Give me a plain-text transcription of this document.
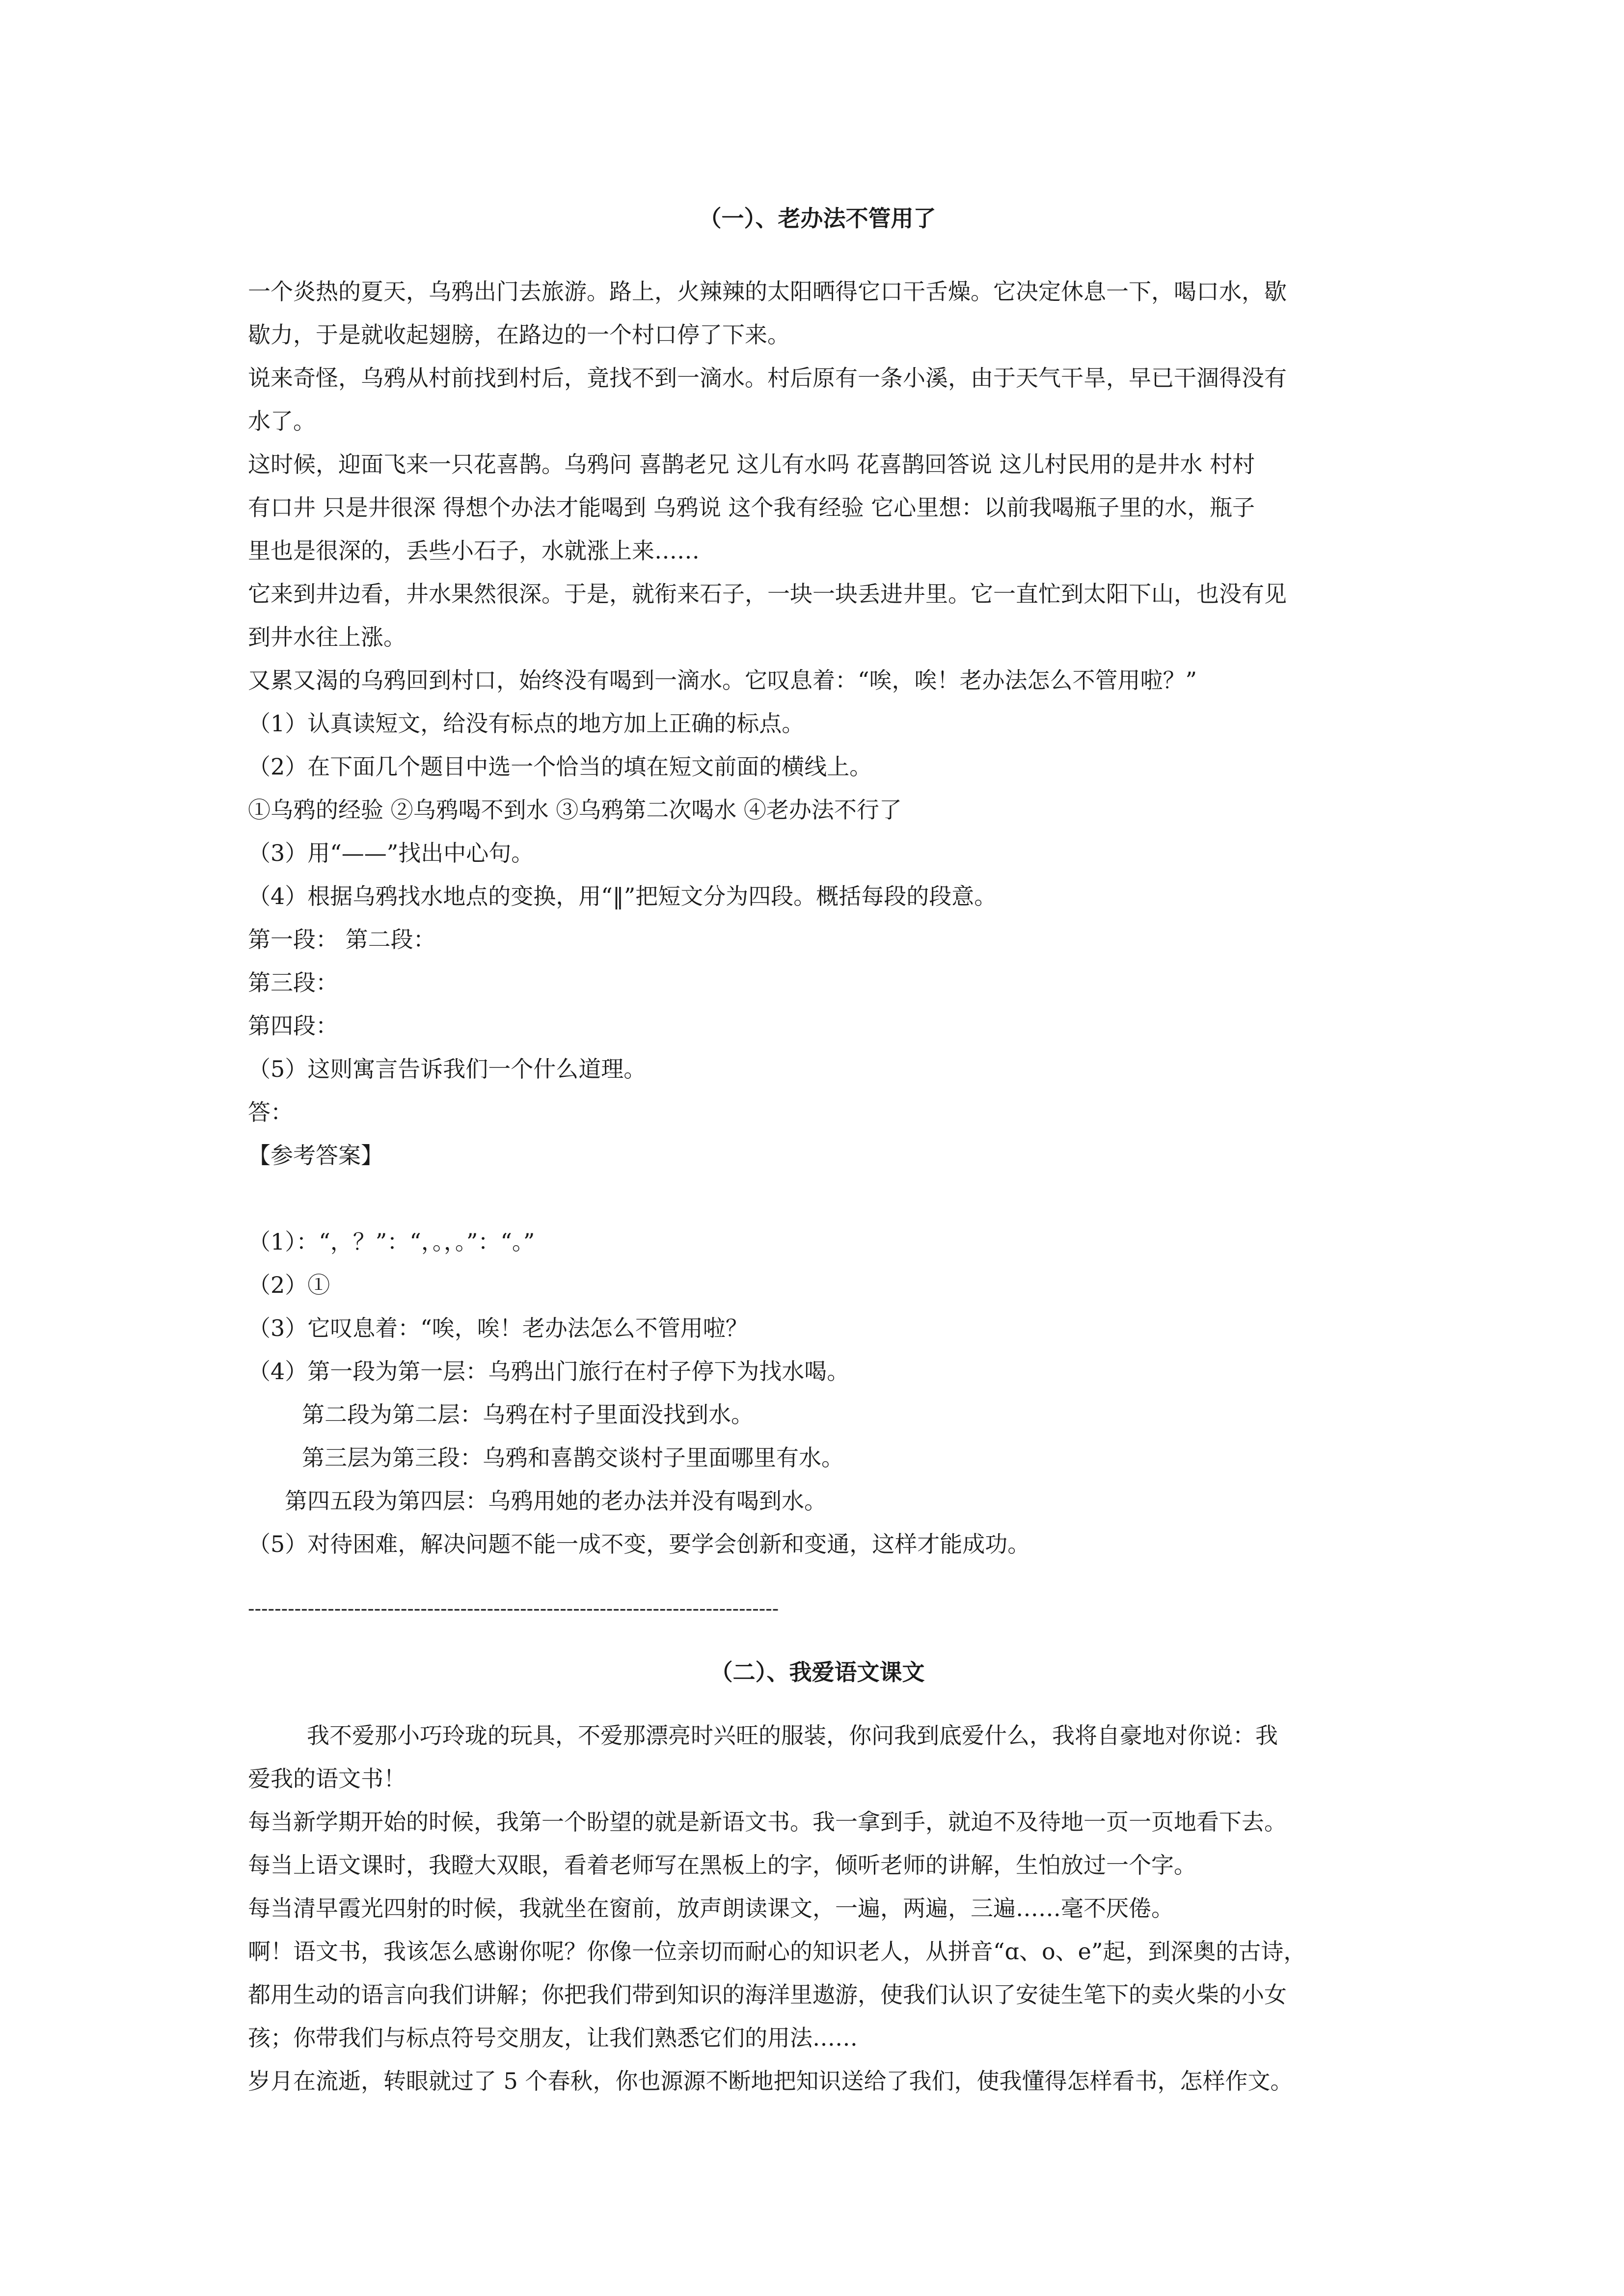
（一）、老办法不管用了

一个炎热的夏天，乌鸦出门去旅游。路上，火辣辣的太阳晒得它口干舌燥。它决定休息一下，喝口水，歇

歇力，于是就收起翅膀，在路边的一个村口停了下来。

说来奇怪，乌鸦从村前找到村后，竟找不到一滴水。村后原有一条小溪，由于天气干旱，早已干涸得没有

水了。

这时候，迎面飞来一只花喜鹊。乌鸦问 喜鹊老兄 这儿有水吗 花喜鹊回答说 这儿村民用的是井水 村村

有口井 只是井很深 得想个办法才能喝到 乌鸦说 这个我有经验 它心里想：以前我喝瓶子里的水，瓶子

里也是很深的，丢些小石子，水就涨上来……

它来到井边看，井水果然很深。于是，就衔来石子，一块一块丢进井里。它一直忙到太阳下山，也没有见

到井水往上涨。

又累又渴的乌鸦回到村口，始终没有喝到一滴水。它叹息着：“唉，唉！老办法怎么不管用啦？”

（1）认真读短文，给没有标点的地方加上正确的标点。

（2）在下面几个题目中选一个恰当的填在短文前面的横线上。

①乌鸦的经验 ②乌鸦喝不到水 ③乌鸦第二次喝水 ④老办法不行了

（3）用“——”找出中心句。

（4）根据乌鸦找水地点的变换，用“‖”把短文分为四段。概括每段的段意。

第一段： 第二段：

第三段：

第四段：

（5）这则寓言告诉我们一个什么道理。

答：

【参考答案】

（1）：“，？”：“，。，。”：“。”

（2）①

（3）它叹息着：“唉，唉！老办法怎么不管用啦？

（4）第一段为第一层：乌鸦出门旅行在村子停下为找水喝。

第二段为第二层：乌鸦在村子里面没找到水。

第三层为第三段：乌鸦和喜鹊交谈村子里面哪里有水。

第四五段为第四层：乌鸦用她的老办法并没有喝到水。

（5）对待困难，解决问题不能一成不变，要学会创新和变通，这样才能成功。

--------------------------------------------------------------------------------

（二）、我爱语文课文

我不爱那小巧玲珑的玩具，不爱那漂亮时兴旺的服装，你问我到底爱什么，我将自豪地对你说：我

爱我的语文书！

每当新学期开始的时候，我第一个盼望的就是新语文书。我一拿到手，就迫不及待地一页一页地看下去。

每当上语文课时，我瞪大双眼，看着老师写在黑板上的字，倾听老师的讲解，生怕放过一个字。

每当清早霞光四射的时候，我就坐在窗前，放声朗读课文，一遍，两遍，三遍……毫不厌倦。

啊！语文书，我该怎么感谢你呢？你像一位亲切而耐心的知识老人，从拼音“ɑ、o、e”起，到深奥的古诗，

都用生动的语言向我们讲解；你把我们带到知识的海洋里遨游，使我们认识了安徒生笔下的卖火柴的小女

孩；你带我们与标点符号交朋友，让我们熟悉它们的用法……

岁月在流逝，转眼就过了 5 个春秋，你也源源不断地把知识送给了我们，使我懂得怎样看书，怎样作文。
